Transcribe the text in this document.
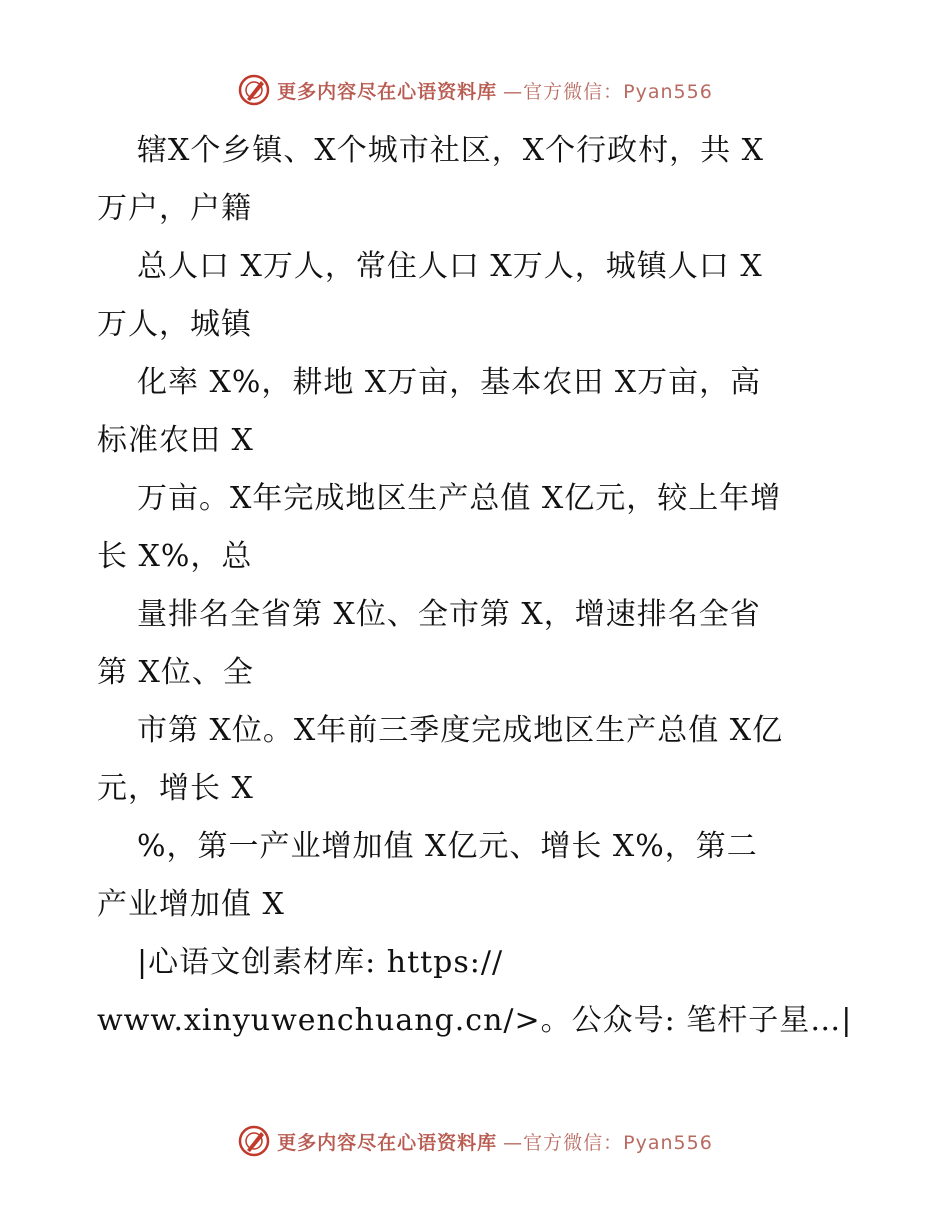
更多内容尽在心语资料库 —官方微信：Pyan556
辖X个乡镇、X个城市社区，X个行政村，共 X
万户，户籍
总人口 X万人，常住人口 X万人，城镇人口 X
万人，城镇
化率 X%，耕地 X万亩，基本农田 X万亩，高
标准农田 X
万亩。X年完成地区生产总值 X亿元，较上年增
长 X%，总
量排名全省第 X位、全市第 X，增速排名全省
第 X位、全
市第 X位。X年前三季度完成地区生产总值 X亿
元，增长 X
%，第一产业增加值 X亿元、增长 X%，第二
产业增加值 X
|心语文创素材库: https://
www.xinyuwenchuang.cn/>。公众号: 笔杆子星…|
更多内容尽在心语资料库 —官方微信：Pyan556
